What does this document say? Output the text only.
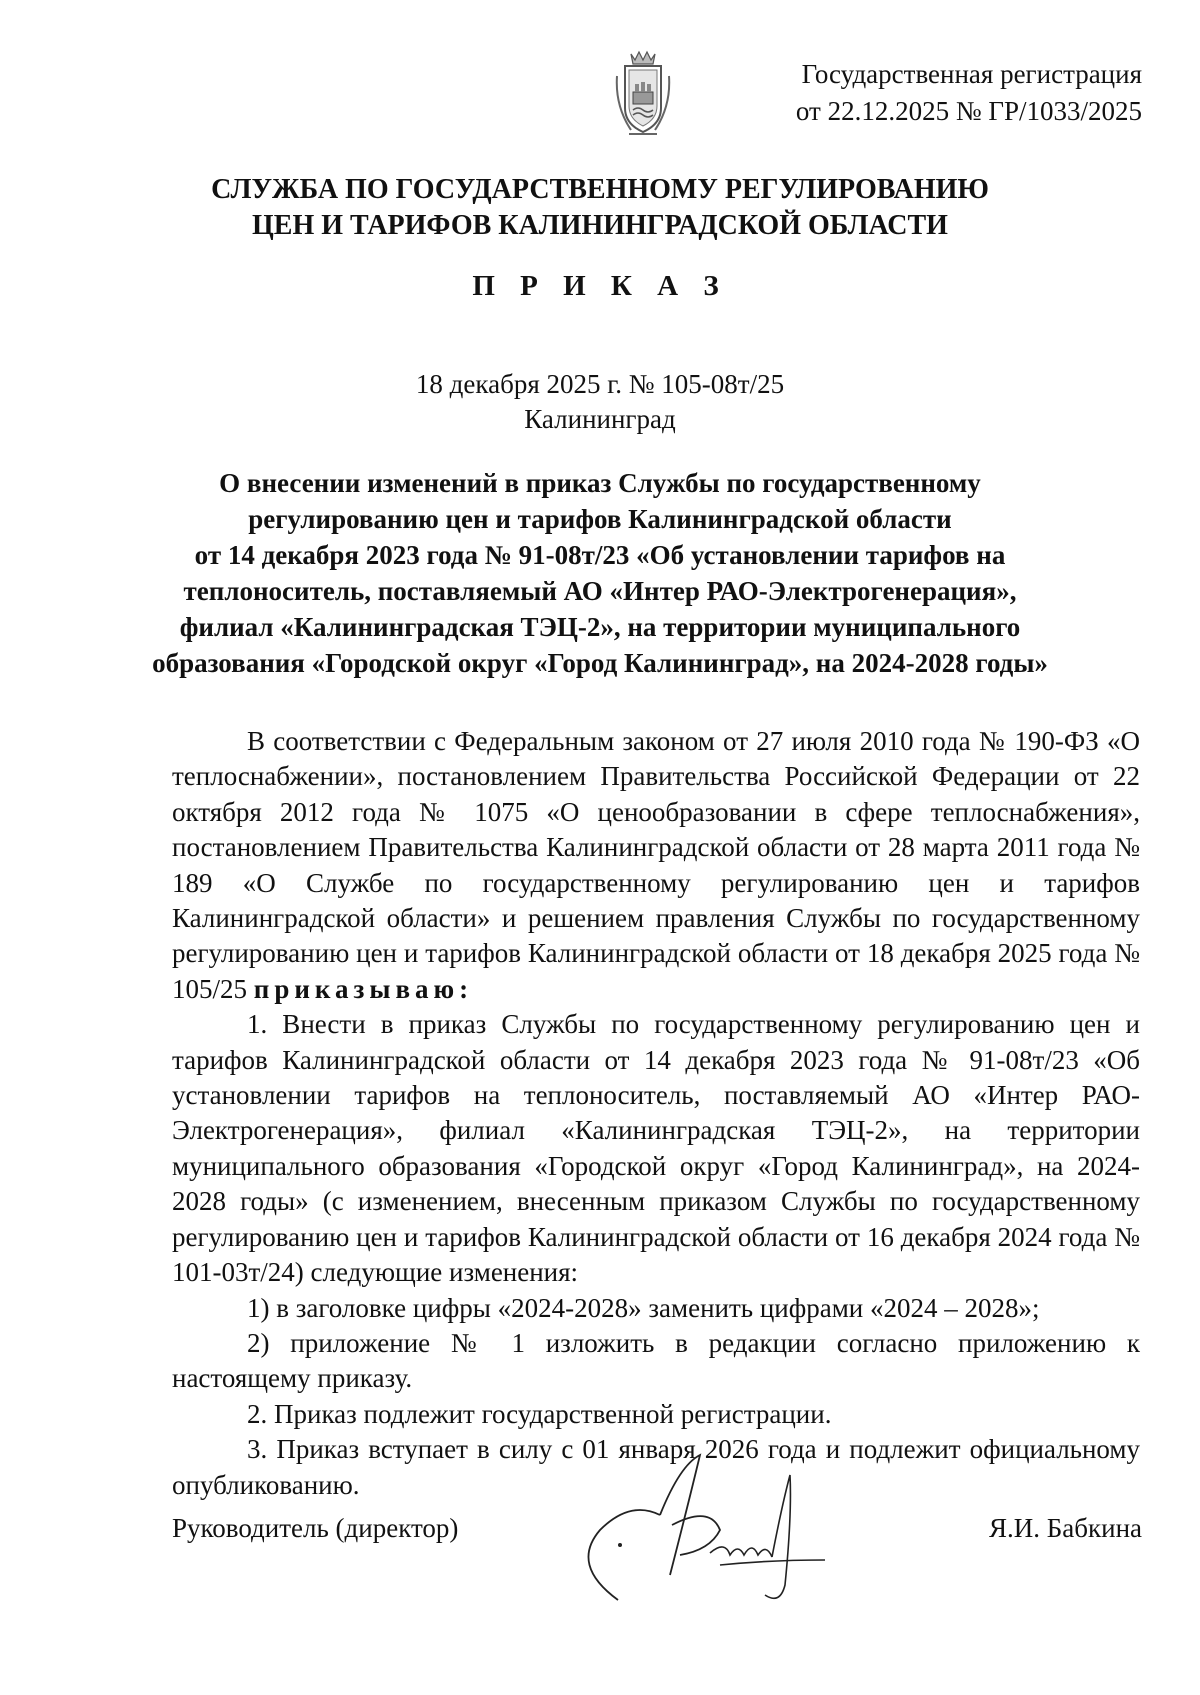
Государственная регистрация
от 22.12.2025 № ГР/1033/2025
СЛУЖБА ПО ГОСУДАРСТВЕННОМУ РЕГУЛИРОВАНИЮ
ЦЕН И ТАРИФОВ КАЛИНИНГРАДСКОЙ ОБЛАСТИ
П Р И К А З
18 декабря 2025 г. № 105-08т/25
Калининград
О внесении изменений в приказ Службы по государственному
регулированию цен и тарифов Калининградской области
от 14 декабря 2023 года № 91-08т/23 «Об установлении тарифов на
теплоноситель, поставляемый АО «Интер РАО-Электрогенерация»,
филиал «Калининградская ТЭЦ-2», на территории муниципального
образования «Городской округ «Город Калининград», на 2024-2028 годы»

В соответствии с Федеральным законом от 27 июля 2010 года № 190-ФЗ «О теплоснабжении», постановлением Правительства Российской Федерации от 22 октября 2012 года № 1075 «О ценообразовании в сфере теплоснабжения», постановлением Правительства Калининградской области от 28 марта 2011 года № 189 «О Службе по государственному регулированию цен и тарифов Калининградской области» и решением правления Службы по государственному регулированию цен и тарифов Калининградской области от 18 декабря 2025 года № 105/25 приказываю:

1. Внести в приказ Службы по государственному регулированию цен и тарифов Калининградской области от 14 декабря 2023 года № 91-08т/23 «Об установлении тарифов на теплоноситель, поставляемый АО «Интер РАО-Электрогенерация», филиал «Калининградская ТЭЦ-2», на территории муниципального образования «Городской округ «Город Калининград», на 2024-2028 годы» (с изменением, внесенным приказом Службы по государственному регулированию цен и тарифов Калининградской области от 16 декабря 2024 года № 101-03т/24) следующие изменения:

1) в заголовке цифры «2024-2028» заменить цифрами «2024 – 2028»;

2) приложение № 1 изложить в редакции согласно приложению к настоящему приказу.

2. Приказ подлежит государственной регистрации.

3. Приказ вступает в силу с 01 января 2026 года и подлежит официальному опубликованию.

Руководитель (директор)	Я.И. Бабкина
